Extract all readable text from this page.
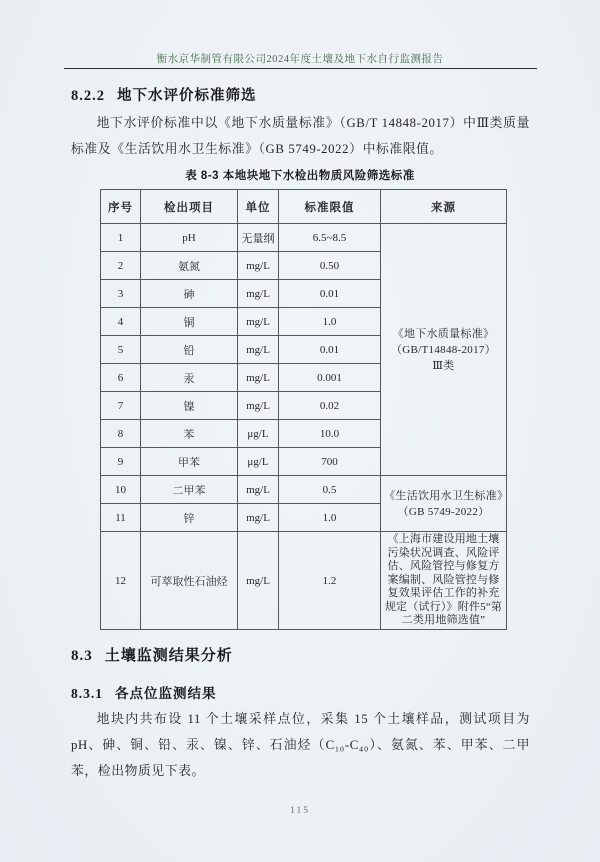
衡水京华制管有限公司2024年度土壤及地下水自行监测报告
8.2.2 地下水评价标准筛选
地下水评价标准中以《地下水质量标准》（GB/T 14848-2017）中Ⅲ类质量标准及《生活饮用水卫生标准》（GB 5749-2022）中标准限值。
表 8-3 本地块地下水检出物质风险筛选标准
序号	检出项目	单位	标准限值	来源
1	pH	无量纲	6.5~8.5	《地下水质量标准》
（GB/T14848-2017）
Ⅲ类

2	氨氮	mg/L	0.50	
3	砷	mg/L	0.01	
4	铜	mg/L	1.0	
5	铅	mg/L	0.01	
6	汞	mg/L	0.001	
7	镍	mg/L	0.02	
8	苯	μg/L	10.0	
9	甲苯	μg/L	700	
10	二甲苯	mg/L	0.5	《生活饮用水卫生标准》（GB 5749-2022）
11	锌	mg/L	1.0	
12	可萃取性石油烃	mg/L	1.2	《上海市建设用地土壤污染状况调查、风险评估、风险管控与修复方案编制、风险管控与修复效果评估工作的补充规定（试行）》附件5“第二类用地筛选值”
8.3 土壤监测结果分析
8.3.1 各点位监测结果
地块内共布设 11 个土壤采样点位，采集 15 个土壤样品，测试项目为 pH、砷、铜、铅、汞、镍、锌、石油烃（C₁₀-C₄₀）、氨氮、苯、甲苯、二甲苯，检出物质见下表。
115
